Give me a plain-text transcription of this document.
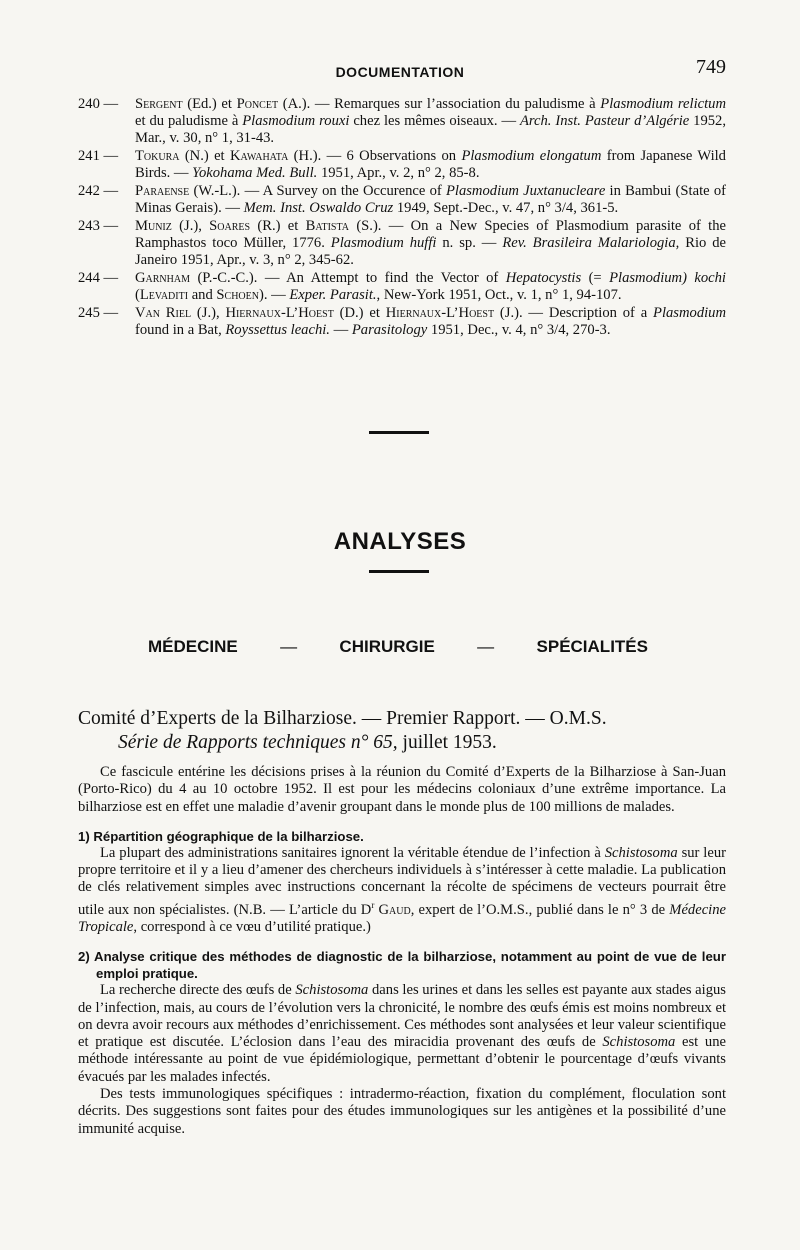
DOCUMENTATION	749
240 —	Sergent (Ed.) et Poncet (A.). — Remarques sur l’association du paludisme à Plasmodium relictum et du paludisme à Plasmodium rouxi chez les mêmes oiseaux. — Arch. Inst. Pasteur d’Algérie 1952, Mar., v. 30, n° 1, 31-43.
241 —	Tokura (N.) et Kawahata (H.). — 6 Observations on Plasmodium elongatum from Japanese Wild Birds. — Yokohama Med. Bull. 1951, Apr., v. 2, n° 2, 85-8.
242 —	Paraense (W.-L.). — A Survey on the Occurence of Plasmodium Juxtanucleare in Bambui (State of Minas Gerais). — Mem. Inst. Oswaldo Cruz 1949, Sept.-Dec., v. 47, n° 3/4, 361-5.
243 —	Muniz (J.), Soares (R.) et Batista (S.). — On a New Species of Plasmodium parasite of the Ramphastos toco Müller, 1776. Plasmodium huffi n. sp. — Rev. Brasileira Malariologia, Rio de Janeiro 1951, Apr., v. 3, n° 2, 345-62.
244 —	Garnham (P.-C.-C.). — An Attempt to find the Vector of Hepatocystis (= Plasmodium) kochi (Levaditi and Schoen). — Exper. Parasit., New-York 1951, Oct., v. 1, n° 1, 94-107.
245 —	Van Riel (J.), Hiernaux-L’Hoest (D.) et Hiernaux-L’Hoest (J.). — Description of a Plasmodium found in a Bat, Royssettus leachi. — Parasitology 1951, Dec., v. 4, n° 3/4, 270-3.
ANALYSES
MÉDECINE — CHIRURGIE — SPÉCIALITÉS
Comité d’Experts de la Bilharziose. — Premier Rapport. — O.M.S.
Série de Rapports techniques n° 65, juillet 1953.

Ce fascicule entérine les décisions prises à la réunion du Comité d’Experts de la Bilharziose à San-Juan (Porto-Rico) du 4 au 10 octobre 1952. Il est pour les médecins coloniaux d’une extrême importance. La bilharziose est en effet une maladie d’avenir groupant dans le monde plus de 100 millions de malades.

1) Répartition géographique de la bilharziose.

La plupart des administrations sanitaires ignorent la véritable étendue de l’infection à Schistosoma sur leur propre territoire et il y a lieu d’amener des chercheurs individuels à s’intéresser à cette maladie. La publication de clés relativement simples avec instructions concernant la récolte de spécimens de vecteurs pourrait être utile aux non spécialistes. (N.B. — L’article du $D^r$ Gaud, expert de l’O.M.S., publié dans le n° 3 de Médecine Tropicale, correspond à ce vœu d’utilité pratique.)

2) Analyse critique des méthodes de diagnostic de la bilharziose, notamment au point de vue de leur emploi pratique.

La recherche directe des œufs de Schistosoma dans les urines et dans les selles est payante aux stades aigus de l’infection, mais, au cours de l’évolution vers la chronicité, le nombre des œufs émis est moins nombreux et on devra avoir recours aux méthodes d’enrichissement. Ces méthodes sont analysées et leur valeur scientifique et pratique est discutée. L’éclosion dans l’eau des miracidia provenant des œufs de Schistosoma est une méthode intéressante au point de vue épidémiologique, permettant d’obtenir le pourcentage d’œufs vivants évacués par les malades infectés.

Des tests immunologiques spécifiques : intradermo-réaction, fixation du complément, floculation sont décrits. Des suggestions sont faites pour des études immunologiques sur les antigènes et la possibilité d’une immunité acquise.
